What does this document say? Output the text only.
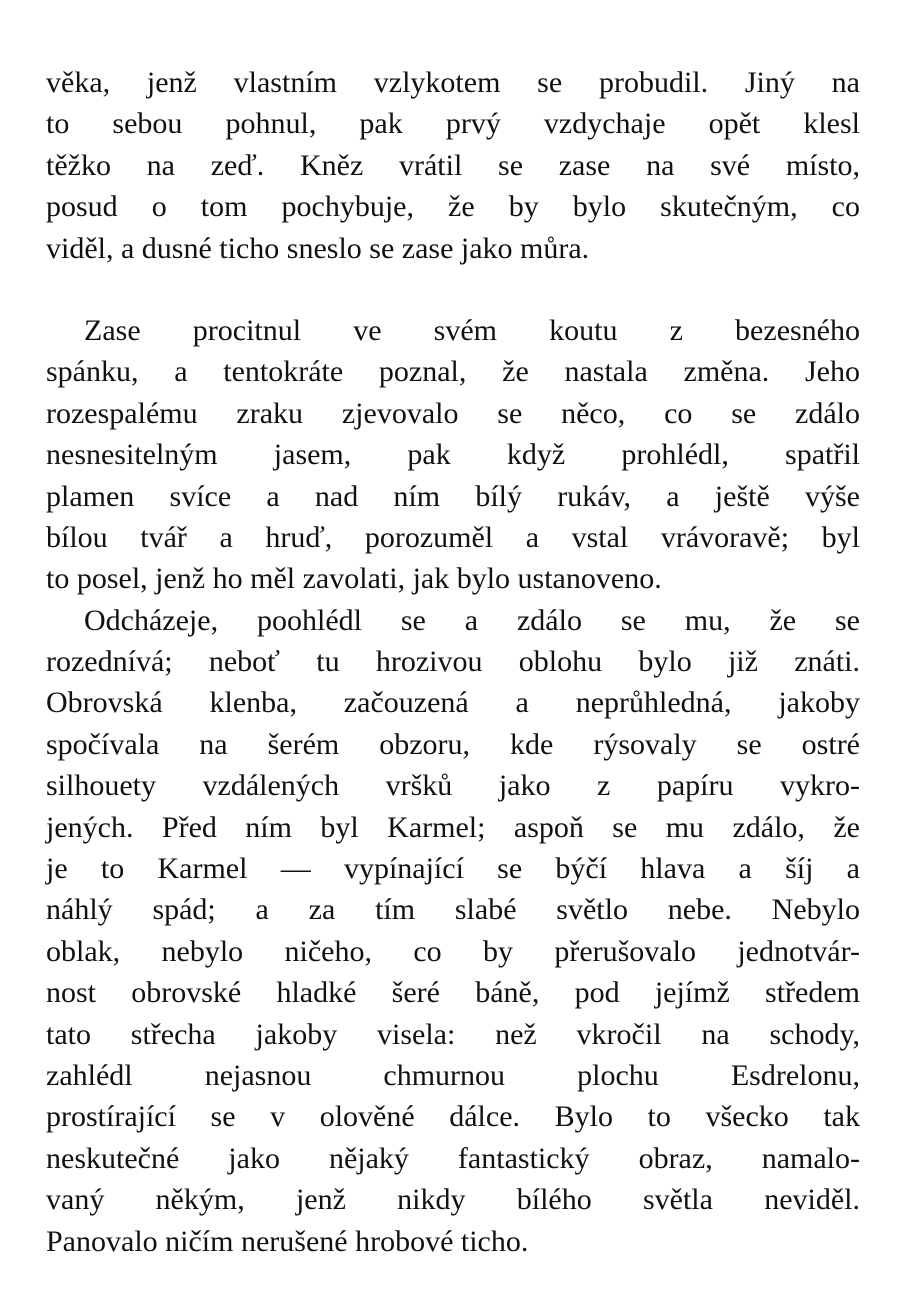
věka, jenž vlastním vzlykotem se probudil. Jiný na
to sebou pohnul, pak prvý vzdychaje opět klesl
těžko na zeď. Kněz vrátil se zase na své místo,
posud o tom pochybuje, že by bylo skutečným, co
viděl, a dusné ticho sneslo se zase jako můra.
Zase procitnul ve svém koutu z bezesného
spánku, a tentokráte poznal, že nastala změna. Jeho
rozespalému zraku zjevovalo se něco, co se zdálo
nesnesitelným jasem, pak když prohlédl, spatřil
plamen svíce a nad ním bílý rukáv, a ještě výše
bílou tvář a hruď, porozuměl a vstal vrávoravě; byl
to posel, jenž ho měl zavolati, jak bylo ustanoveno.
Odcházeje, poohlédl se a zdálo se mu, že se
rozednívá; neboť tu hrozivou oblohu bylo již znáti.
Obrovská klenba, začouzená a neprůhledná, jakoby
spočívala na šerém obzoru, kde rýsovaly se ostré
silhouety vzdálených vršků jako z papíru vykro-
jených. Před ním byl Karmel; aspoň se mu zdálo, že
je to Karmel — vypínající se býčí hlava a šíj a
náhlý spád; a za tím slabé světlo nebe. Nebylo
oblak, nebylo ničeho, co by přerušovalo jednotvár-
nost obrovské hladké šeré báně, pod jejímž středem
tato střecha jakoby visela: než vkročil na schody,
zahlédl nejasnou chmurnou plochu Esdrelonu,
prostírající se v olověné dálce. Bylo to všecko tak
neskutečné jako nějaký fantastický obraz, namalo-
vaný někým, jenž nikdy bílého světla neviděl.
Panovalo ničím nerušené hrobové ticho.
